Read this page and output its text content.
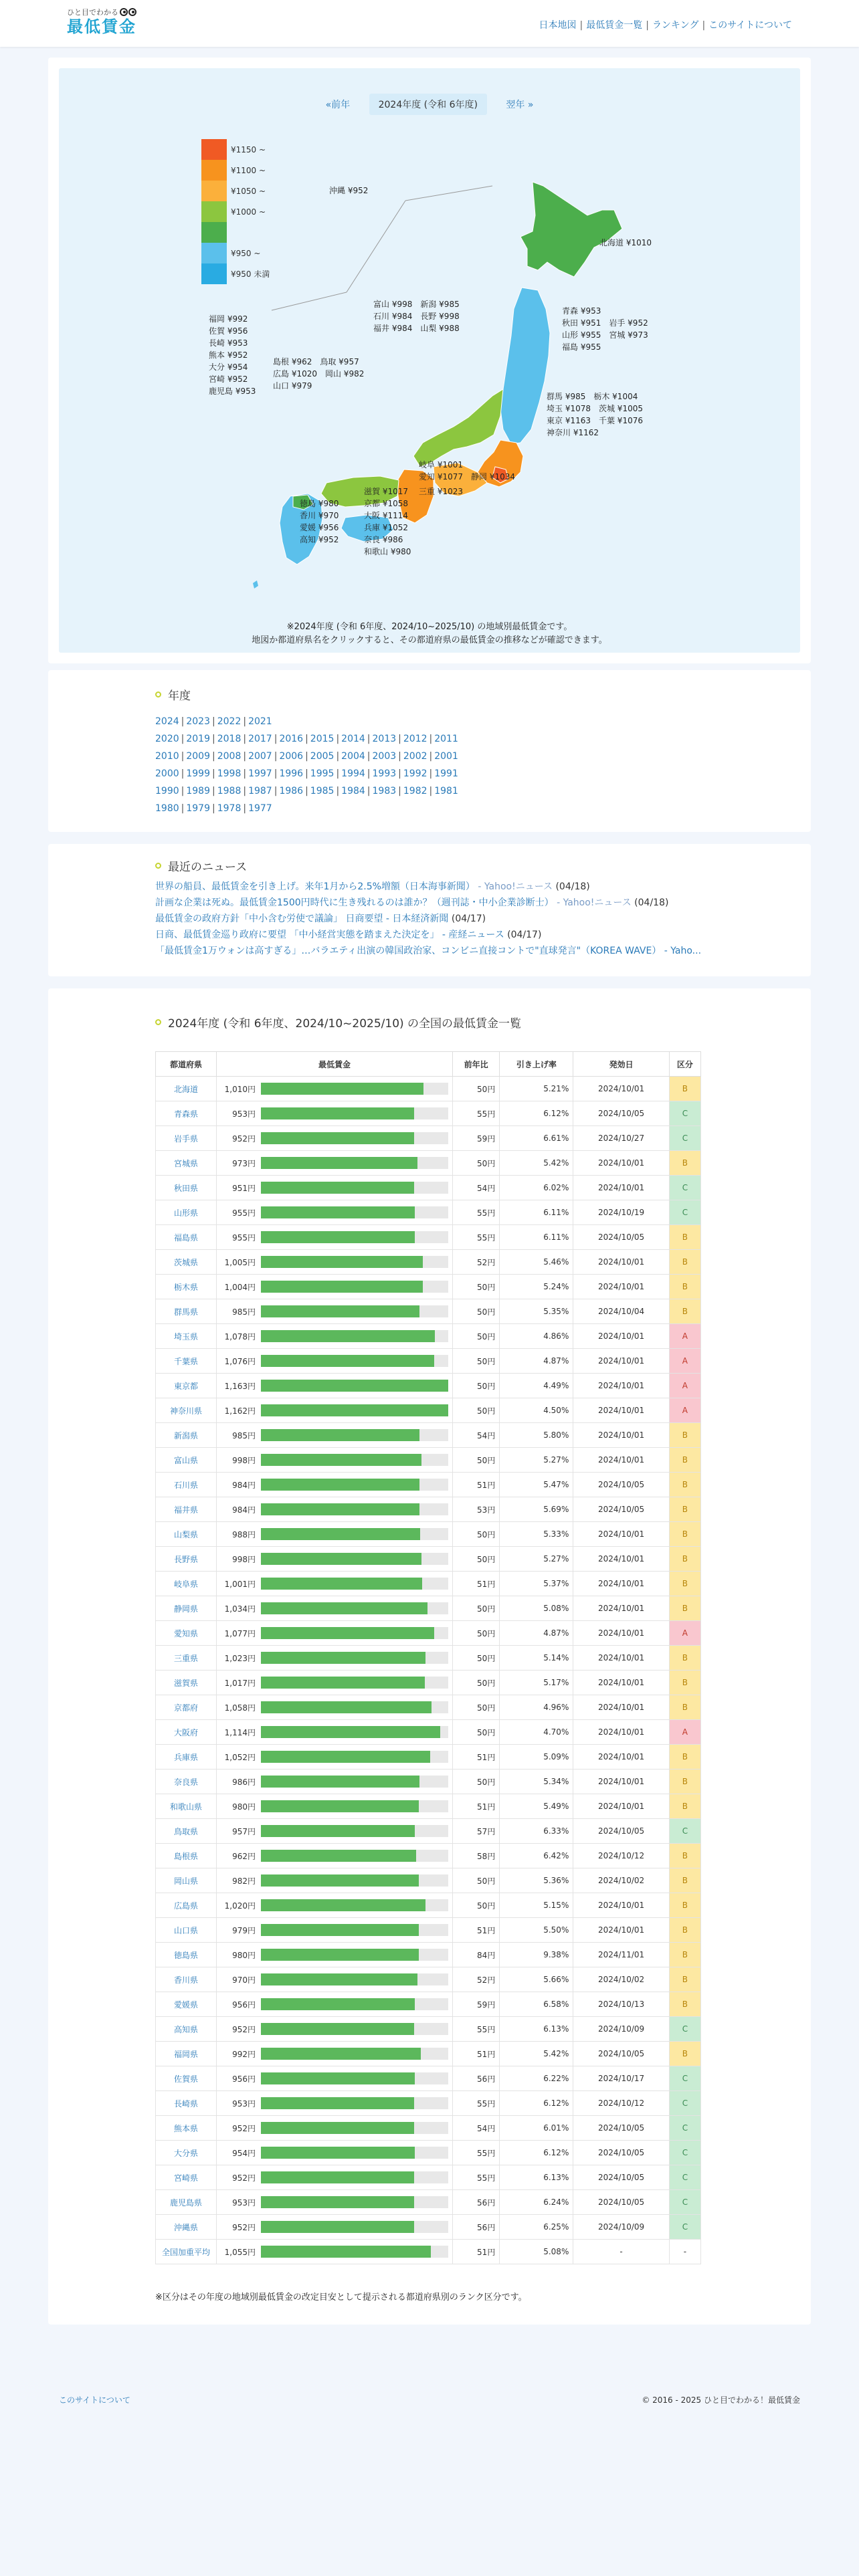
ひと目でわかる
最低賃金	日本地図 | 最低賃金一覧 | ランキング | このサイトについて
«前年	2024年度 (令和 6年度)	翌年 »
¥1150 ~
¥1100 ~
¥1050 ~
¥1000 ~
¥950 ~
¥950 未満
沖縄 ¥952
北海道 ¥1010
青森 ¥953
秋田 ¥951　岩手 ¥952
山形 ¥955　宮城 ¥973
福島 ¥955
富山 ¥998　新潟 ¥985
石川 ¥984　長野 ¥998
福井 ¥984　山梨 ¥988
福岡 ¥992
佐賀 ¥956
長崎 ¥953
熊本 ¥952
大分 ¥954
宮崎 ¥952
鹿児島 ¥953
島根 ¥962　鳥取 ¥957
広島 ¥1020　岡山 ¥982
山口 ¥979
群馬 ¥985　栃木 ¥1004
埼玉 ¥1078　茨城 ¥1005
東京 ¥1163　千葉 ¥1076
神奈川 ¥1162
岐阜 ¥1001
愛知 ¥1077　静岡 ¥1034
滋賀 ¥1017
京都 ¥1058
大阪 ¥1114
兵庫 ¥1052
奈良 ¥986
和歌山 ¥980
三重 ¥1023
徳島 ¥980
香川 ¥970
愛媛 ¥956
高知 ¥952
※2024年度 (令和 6年度、2024/10~2025/10) の地域別最低賃金です。
地図か都道府県名をクリックすると、その都道府県の最低賃金の推移などが確認できます。
年度
2024 | 2023 | 2022 | 2021
2020 | 2019 | 2018 | 2017 | 2016 | 2015 | 2014 | 2013 | 2012 | 2011
2010 | 2009 | 2008 | 2007 | 2006 | 2005 | 2004 | 2003 | 2002 | 2001
2000 | 1999 | 1998 | 1997 | 1996 | 1995 | 1994 | 1993 | 1992 | 1991
1990 | 1989 | 1988 | 1987 | 1986 | 1985 | 1984 | 1983 | 1982 | 1981
1980 | 1979 | 1978 | 1977
最近のニュース
世界の船員、最低賃金を引き上げ。来年1月から2.5%増額（日本海事新聞） - Yahoo!ニュース (04/18)
計画な企業は死ぬ。最低賃金1500円時代に生き残れるのは誰か？（週刊誌・中小企業診断士） - Yahoo!ニュース (04/18)
最低賃金の政府方針「中小含む労使で議論」 日商要望 - 日本経済新聞 (04/17)
日商、最低賃金巡り政府に要望 「中小経営実態を踏まえた決定を」 - 産経ニュース (04/17)
「最低賃金1万ウォンは高すぎる」…バラエティ出演の韓国政治家、コンビニ直接コントで"直球発言"（KOREA WAVE） - Yaho...
2024年度 (令和 6年度、2024/10~2025/10) の全国の最低賃金一覧
都道府県	最低賃金	前年比	引き上げ率	発効日	区分
北海道	1,010円	50円	5.21%	2024/10/01	B
青森県	953円	55円	6.12%	2024/10/05	C
岩手県	952円	59円	6.61%	2024/10/27	C
宮城県	973円	50円	5.42%	2024/10/01	B
秋田県	951円	54円	6.02%	2024/10/01	C
山形県	955円	55円	6.11%	2024/10/19	C
福島県	955円	55円	6.11%	2024/10/05	B
茨城県	1,005円	52円	5.46%	2024/10/01	B
栃木県	1,004円	50円	5.24%	2024/10/01	B
群馬県	985円	50円	5.35%	2024/10/04	B
埼玉県	1,078円	50円	4.86%	2024/10/01	A
千葉県	1,076円	50円	4.87%	2024/10/01	A
東京都	1,163円	50円	4.49%	2024/10/01	A
神奈川県	1,162円	50円	4.50%	2024/10/01	A
新潟県	985円	54円	5.80%	2024/10/01	B
富山県	998円	50円	5.27%	2024/10/01	B
石川県	984円	51円	5.47%	2024/10/05	B
福井県	984円	53円	5.69%	2024/10/05	B
山梨県	988円	50円	5.33%	2024/10/01	B
長野県	998円	50円	5.27%	2024/10/01	B
岐阜県	1,001円	51円	5.37%	2024/10/01	B
静岡県	1,034円	50円	5.08%	2024/10/01	B
愛知県	1,077円	50円	4.87%	2024/10/01	A
三重県	1,023円	50円	5.14%	2024/10/01	B
滋賀県	1,017円	50円	5.17%	2024/10/01	B
京都府	1,058円	50円	4.96%	2024/10/01	B
大阪府	1,114円	50円	4.70%	2024/10/01	A
兵庫県	1,052円	51円	5.09%	2024/10/01	B
奈良県	986円	50円	5.34%	2024/10/01	B
和歌山県	980円	51円	5.49%	2024/10/01	B
鳥取県	957円	57円	6.33%	2024/10/05	C
島根県	962円	58円	6.42%	2024/10/12	B
岡山県	982円	50円	5.36%	2024/10/02	B
広島県	1,020円	50円	5.15%	2024/10/01	B
山口県	979円	51円	5.50%	2024/10/01	B
徳島県	980円	84円	9.38%	2024/11/01	B
香川県	970円	52円	5.66%	2024/10/02	B
愛媛県	956円	59円	6.58%	2024/10/13	B
高知県	952円	55円	6.13%	2024/10/09	C
福岡県	992円	51円	5.42%	2024/10/05	B
佐賀県	956円	56円	6.22%	2024/10/17	C
長崎県	953円	55円	6.12%	2024/10/12	C
熊本県	952円	54円	6.01%	2024/10/05	C
大分県	954円	55円	6.12%	2024/10/05	C
宮崎県	952円	55円	6.13%	2024/10/05	C
鹿児島県	953円	56円	6.24%	2024/10/05	C
沖縄県	952円	56円	6.25%	2024/10/09	C
全国加重平均	1,055円	51円	5.08%	-	-
※区分はその年度の地域別最低賃金の改定目安として提示される都道府県別のランク区分です。
このサイトについて	© 2016 - 2025 ひと目でわかる！最低賃金
